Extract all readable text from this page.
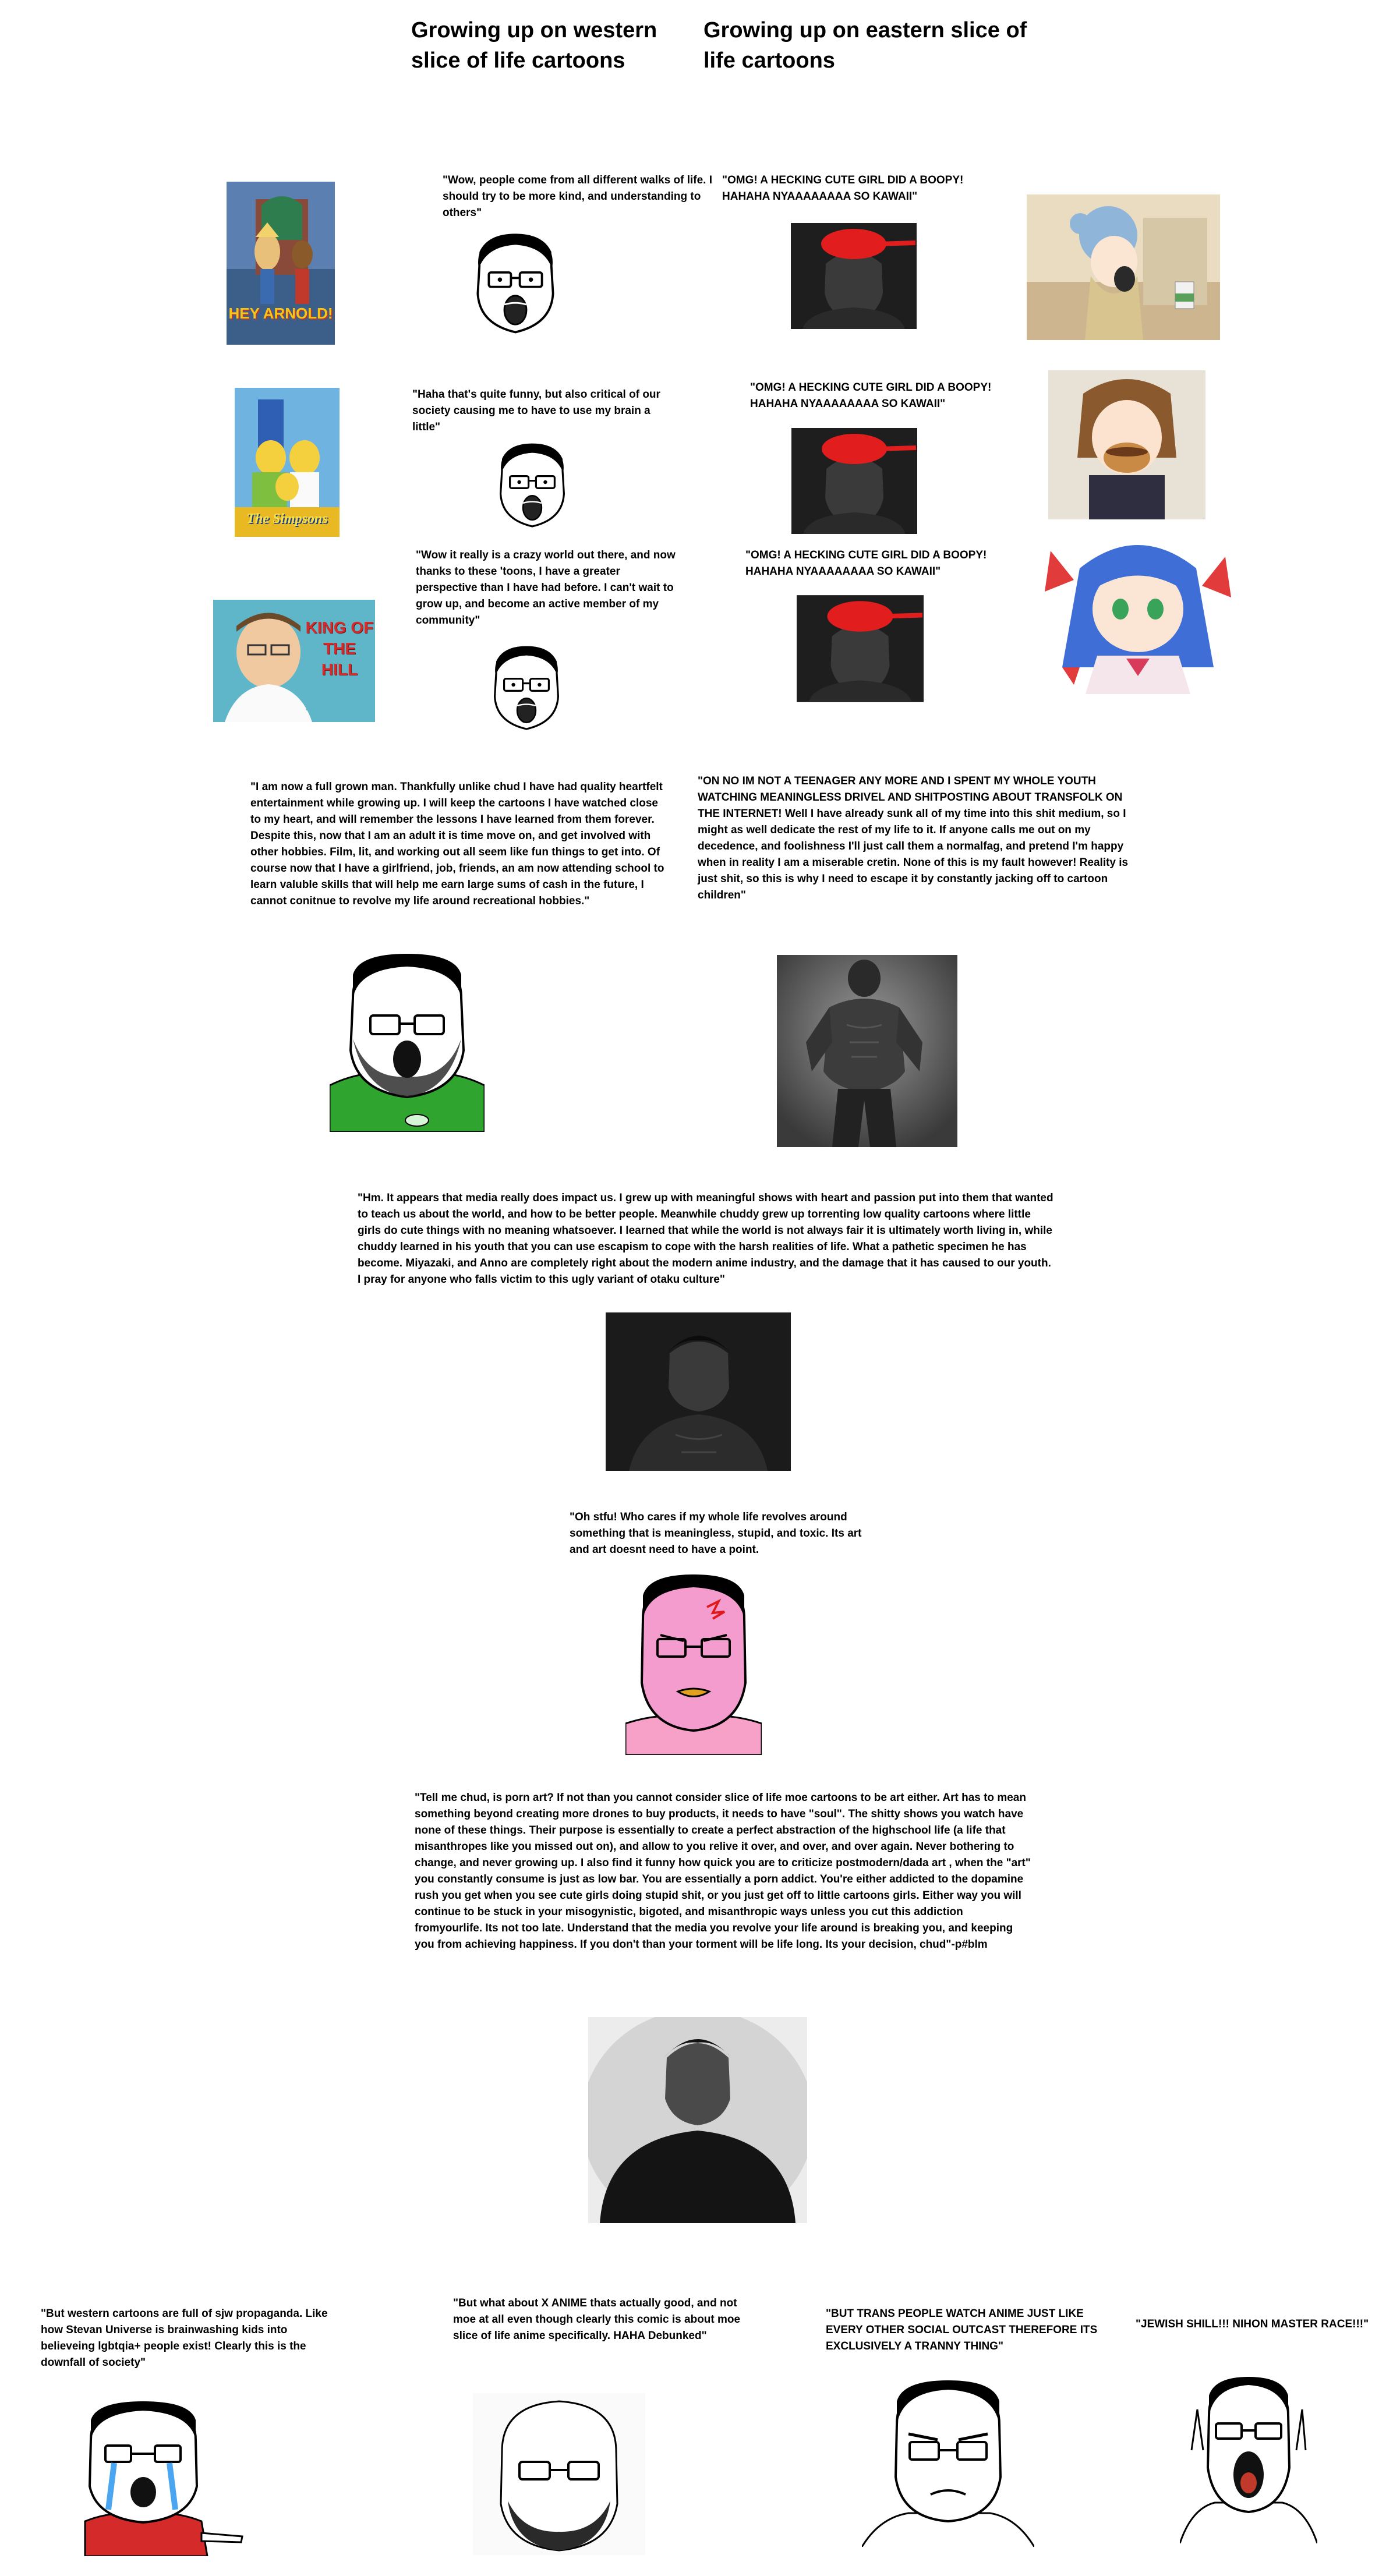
Growing up on western slice of life cartoons
Growing up on eastern slice of life cartoons
HEY ARNOLD!
"Wow, people come from all different walks of life. I should try to be more kind, and understanding to others"
"OMG! A HECKING CUTE GIRL DID A BOOPY! HAHAHA NYAAAAAAAA SO KAWAII"
The Simpsons
"Haha that's quite funny, but also critical of our society causing me to have to use my brain a little"
"OMG! A HECKING CUTE GIRL DID A BOOPY! HAHAHA NYAAAAAAAA SO KAWAII"
"Wow it really is a crazy world out there, and now thanks to these 'toons, I have a greater perspective than I have had before. I can't wait to grow up, and become an active member of my community"
KING OF THE HILL
"OMG! A HECKING CUTE GIRL DID A BOOPY! HAHAHA NYAAAAAAAA SO KAWAII"
"I am now a full grown man. Thankfully unlike chud I have had quality heartfelt entertainment while growing up. I will keep the cartoons I have watched close to my heart, and will remember the lessons I have learned from them forever. Despite this, now that I am an adult it is time move on, and get involved with other hobbies. Film, lit, and working out all seem like fun things to get into. Of course now that I have a girlfriend, job, friends, an am now attending school to learn valuble skills that will help me earn large sums of cash in the future, I cannot conitnue to revolve my life around recreational hobbies."
"ON NO IM NOT A TEENAGER ANY MORE AND I SPENT MY WHOLE YOUTH WATCHING MEANINGLESS DRIVEL AND SHITPOSTING ABOUT TRANSFOLK ON THE INTERNET! Well I have already sunk all of my time into this shit medium, so I might as well dedicate the rest of my life to it. If anyone calls me out on my decedence, and foolishness I'll just call them a normalfag, and pretend I'm happy when in reality I am a miserable cretin. None of this is my fault however! Reality is just shit, so this is why I need to escape it by constantly jacking off to cartoon children"
"Hm. It appears that media really does impact us. I grew up with meaningful shows with heart and passion put into them that wanted to teach us about the world, and how to be better people. Meanwhile chuddy grew up torrenting low quality cartoons where little girls do cute things with no meaning whatsoever. I learned that while the world is not always fair it is ultimately worth living in, while chuddy learned in his youth that you can use escapism to cope with the harsh realities of life. What a pathetic specimen he has become. Miyazaki, and Anno are completely right about the modern anime industry, and the damage that it has caused to our youth. I pray for anyone who falls victim to this ugly variant of otaku culture"
"Oh stfu! Who cares if my whole life revolves around something that is meaningless, stupid, and toxic. Its art and art doesnt need to have a point.
"Tell me chud, is porn art? If not than you cannot consider slice of life moe cartoons to be art either. Art has to mean something beyond creating more drones to buy products, it needs to have "soul". The shitty shows you watch have none of these things. Their purpose is essentially to create a perfect abstraction of the highschool life (a life that misanthropes like you missed out on), and allow to you relive it over, and over, and over again. Never bothering to change, and never growing up. I also find it funny how quick you are to criticize postmodern/dada art , when the "art" you constantly consume is just as low bar. You are essentially a porn addict. You're either addicted to the dopamine rush you get when you see cute girls doing stupid shit, or you just get off to little cartoons girls. Either way you will continue to be stuck in your misogynistic, bigoted, and misanthropic ways unless you cut this addiction fromyourlife. Its not too late. Understand that the media you revolve your life around is breaking you, and keeping you from achieving happiness. If you don't than your torment will be life long. Its your decision, chud"-p#blm
"But western cartoons are full of sjw propaganda. Like how Stevan Universe is brainwashing kids into believeing lgbtqia+ people exist! Clearly this is the downfall of society"
"But what about X ANIME thats actually good, and not moe at all even though clearly this comic is about moe slice of life anime specifically. HAHA Debunked"
"BUT TRANS PEOPLE WATCH ANIME JUST LIKE EVERY OTHER SOCIAL OUTCAST THEREFORE ITS EXCLUSIVELY A TRANNY THING"
"JEWISH SHILL!!! NIHON MASTER RACE!!!"
